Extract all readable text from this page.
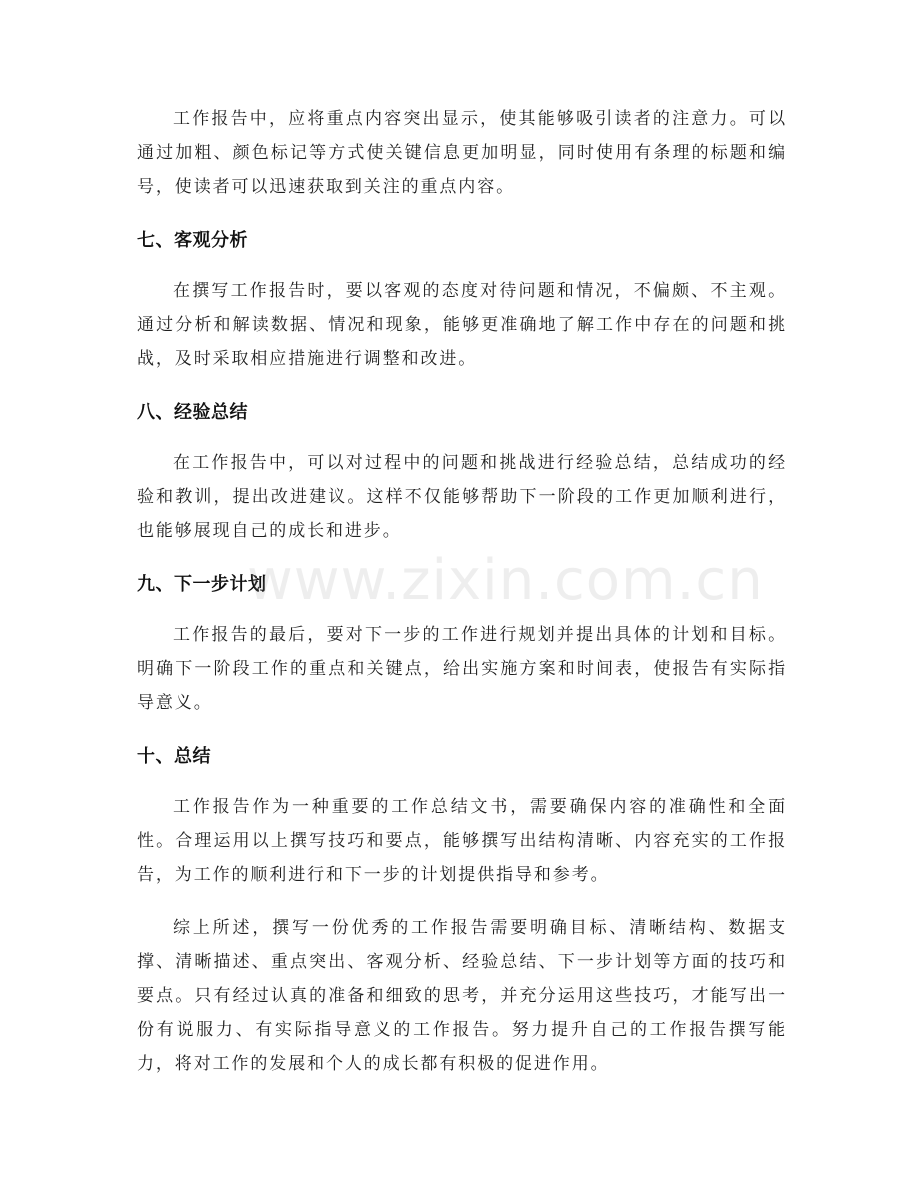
工作报告中，应将重点内容突出显示，使其能够吸引读者的注意力。可以通过加粗、颜色标记等方式使关键信息更加明显，同时使用有条理的标题和编号，使读者可以迅速获取到关注的重点内容。

七、客观分析

在撰写工作报告时，要以客观的态度对待问题和情况，不偏颇、不主观。通过分析和解读数据、情况和现象，能够更准确地了解工作中存在的问题和挑战，及时采取相应措施进行调整和改进。

八、经验总结

在工作报告中，可以对过程中的问题和挑战进行经验总结，总结成功的经验和教训，提出改进建议。这样不仅能够帮助下一阶段的工作更加顺利进行，也能够展现自己的成长和进步。

九、下一步计划

工作报告的最后，要对下一步的工作进行规划并提出具体的计划和目标。明确下一阶段工作的重点和关键点，给出实施方案和时间表，使报告有实际指导意义。

十、总结

工作报告作为一种重要的工作总结文书，需要确保内容的准确性和全面性。合理运用以上撰写技巧和要点，能够撰写出结构清晰、内容充实的工作报告，为工作的顺利进行和下一步的计划提供指导和参考。

综上所述，撰写一份优秀的工作报告需要明确目标、清晰结构、数据支撑、清晰描述、重点突出、客观分析、经验总结、下一步计划等方面的技巧和要点。只有经过认真的准备和细致的思考，并充分运用这些技巧，才能写出一份有说服力、有实际指导意义的工作报告。努力提升自己的工作报告撰写能力，将对工作的发展和个人的成长都有积极的促进作用。

www.zixin.com.cn
